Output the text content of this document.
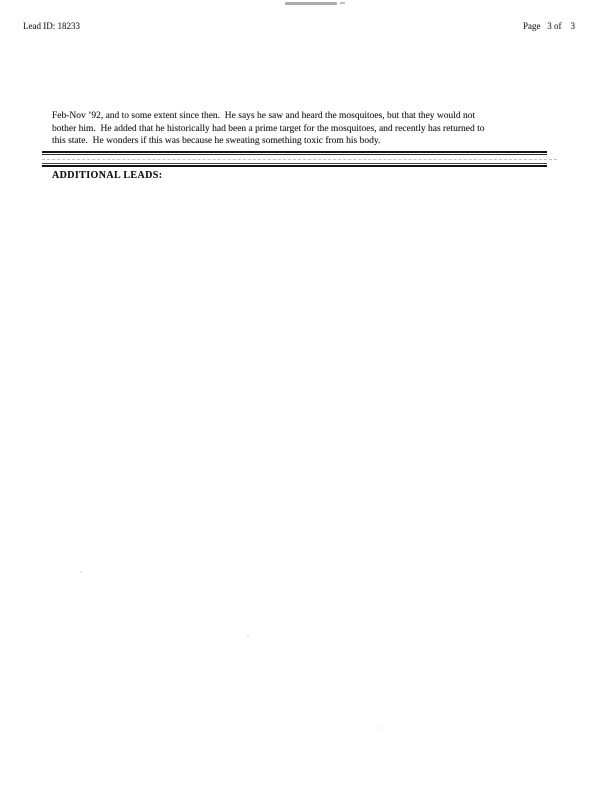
Lead ID: 18233	Page   3 of    3
Feb-Nov ’92, and to some extent since then.  He says he saw and heard the mosquitoes, but that they would not
bother him.  He added that he historically had been a prime target for the mosquitoes, and recently has returned to
this state.  He wonders if this was because he sweating something toxic from his body.
ADDITIONAL LEADS:
